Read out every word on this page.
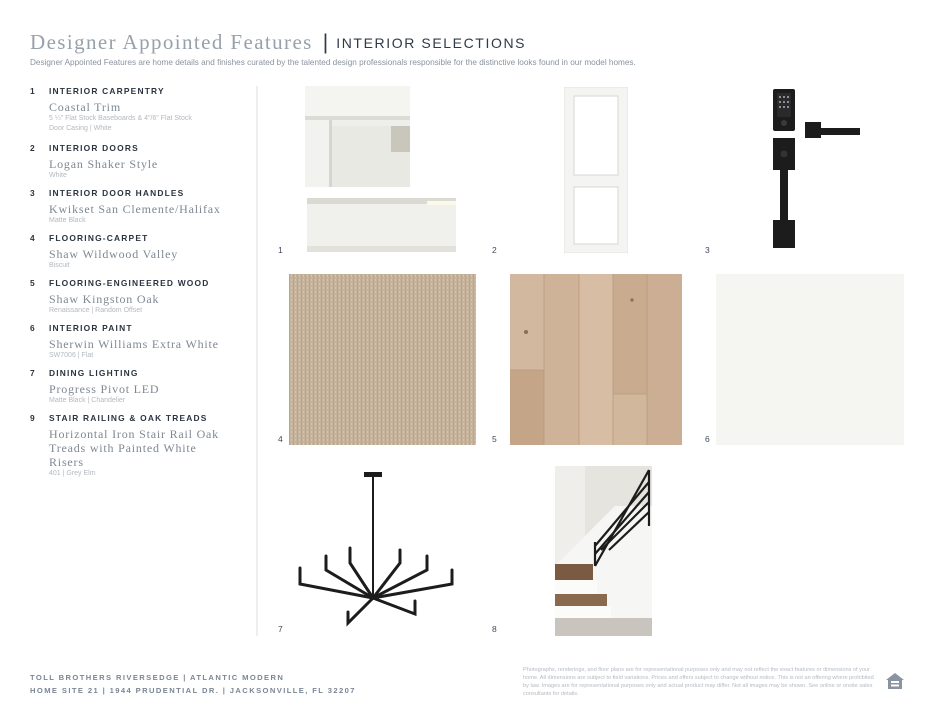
Designer Appointed Features | INTERIOR SELECTIONS
Designer Appointed Features are home details and finishes curated by the talented design professionals responsible for the distinctive looks found in our model homes.
1	INTERIOR CARPENTRY
Coastal Trim
5 ¼" Flat Stock Baseboards & 4"/6" Flat Stock
Door Casing | White
2	INTERIOR DOORS
Logan Shaker Style
White
3	INTERIOR DOOR HANDLES
Kwikset San Clemente/Halifax
Matte Black
4	FLOORING-CARPET
Shaw Wildwood Valley
Biscuit
5	FLOORING-ENGINEERED WOOD
Shaw Kingston Oak
Renaissance | Random Offset
6	INTERIOR PAINT
Sherwin Williams Extra White
SW7006 | Flat
7	DINING LIGHTING
Progress Pivot LED
Matte Black | Chandelier
9	STAIR RAILING & OAK TREADS
Horizontal Iron Stair Rail Oak Treads with Painted White Risers
401 | Grey Elm
1	2	3
4	5	6
7	8
TOLL BROTHERS RIVERSEDGE | ATLANTIC MODERN
HOME SITE 21 | 1944 PRUDENTIAL DR. | JACKSONVILLE, FL 32207
Photographs, renderings, and floor plans are for representational purposes only and may not reflect the exact features or dimensions of your home. All dimensions are subject to field variations. Prices and offers subject to change without notice. This is not an offering where prohibited by law. Images are for representational purposes only and actual product may differ. Not all images may be shown. See online or onsite sales consultants for details.
